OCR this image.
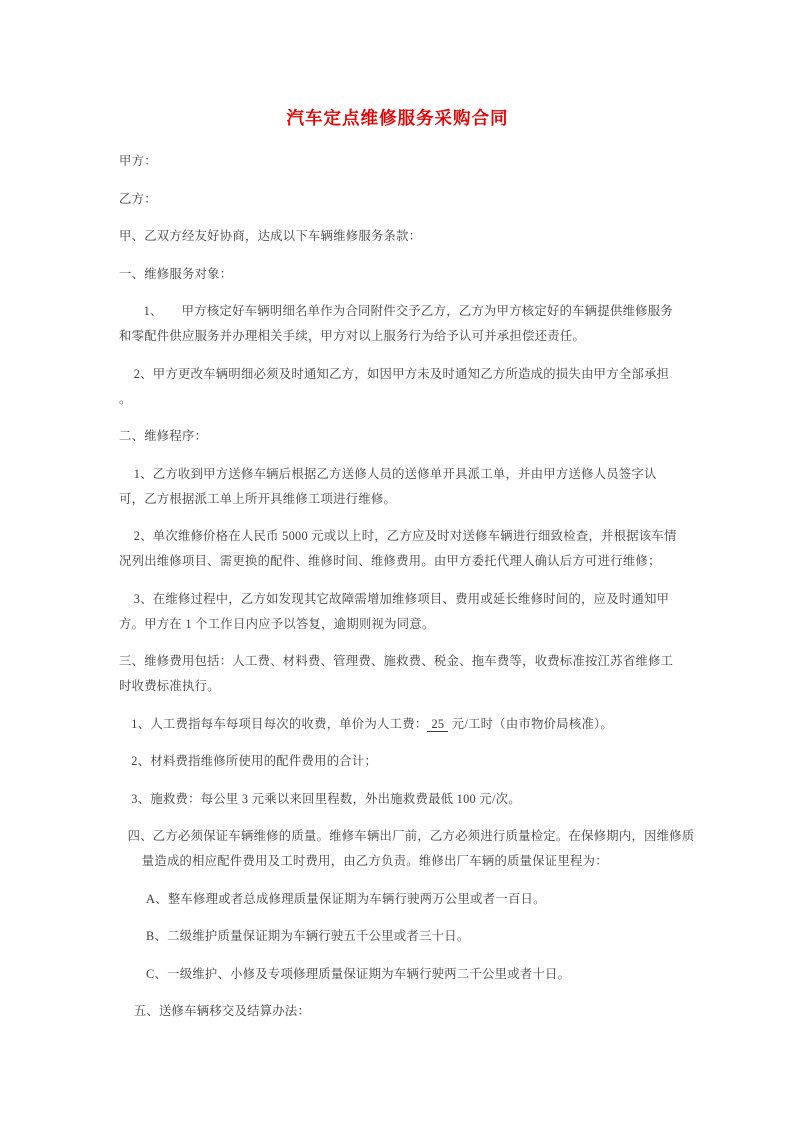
汽车定点维修服务采购合同

甲方：

乙方：

甲、乙双方经友好协商，达成以下车辆维修服务条款：

一、维修服务对象：

1、　　甲方核定好车辆明细名单作为合同附件交予乙方，乙方为甲方核定好的车辆提供维修服务和零配件供应服务并办理相关手续，甲方对以上服务行为给予认可并承担偿还责任。

2、甲方更改车辆明细必须及时通知乙方，如因甲方未及时通知乙方所造成的损失由甲方全部承担 。

二、维修程序：

1、乙方收到甲方送修车辆后根据乙方送修人员的送修单开具派工单，并由甲方送修人员签字认可，乙方根据派工单上所开具维修工项进行维修。

2、单次维修价格在人民币 5000 元或以上时，乙方应及时对送修车辆进行细致检查，并根据该车情况列出维修项目、需更换的配件、维修时间、维修费用。由甲方委托代理人确认后方可进行维修；

3、在维修过程中，乙方如发现其它故障需增加维修项目、费用或延长维修时间的，应及时通知甲方。甲方在 1 个工作日内应予以答复，逾期则视为同意。

三、维修费用包括：人工费、材料费、管理费、施救费、税金、拖车费等，收费标准按江苏省维修工时收费标准执行。

1、人工费指每车每项目每次的收费，单价为人工费： 25 元/工时（由市物价局核准）。

2、材料费指维修所使用的配件费用的合计；

3、施救费：每公里 3 元乘以来回里程数，外出施救费最低 100 元/次。

四、乙方必须保证车辆维修的质量。维修车辆出厂前，乙方必须进行质量检定。在保修期内，因维修质量造成的相应配件费用及工时费用，由乙方负责。维修出厂车辆的质量保证里程为：

A、整车修理或者总成修理质量保证期为车辆行驶两万公里或者一百日。

B、二级维护质量保证期为车辆行驶五千公里或者三十日。

C、一级维护、小修及专项修理质量保证期为车辆行驶两二千公里或者十日。

五、送修车辆移交及结算办法：
